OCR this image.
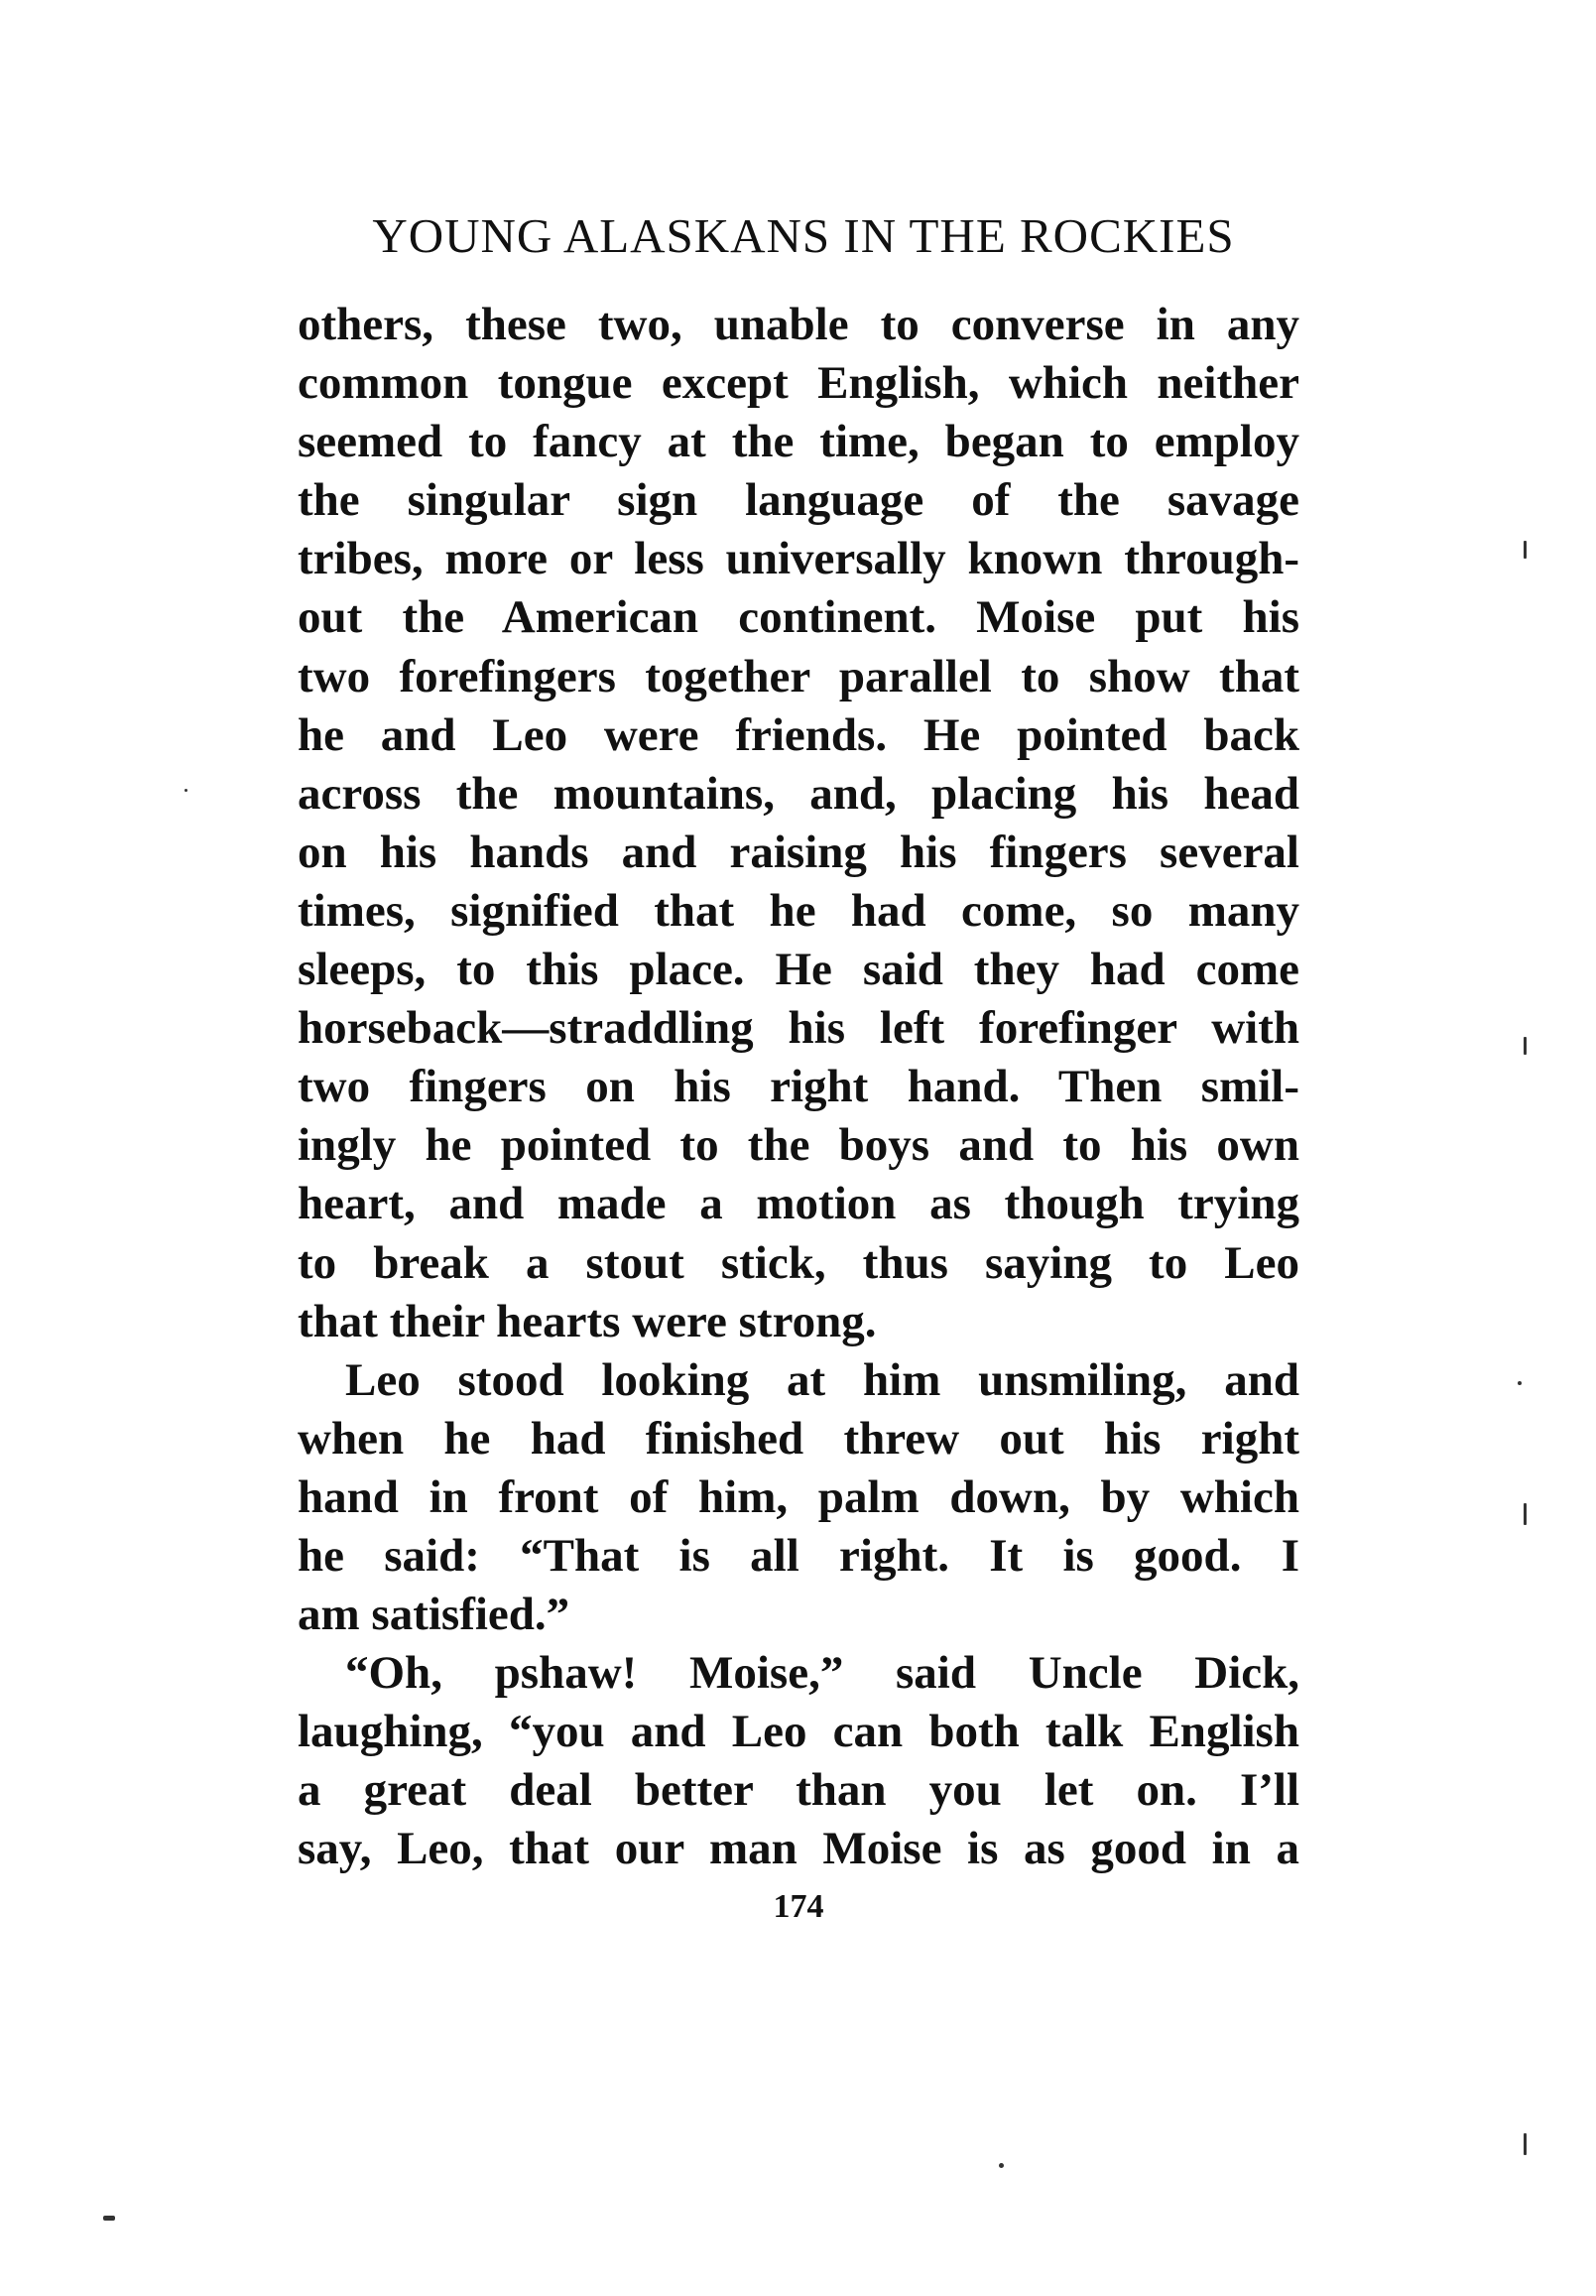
YOUNG ALASKANS IN THE ROCKIES

others, these two, unable to converse in any
common tongue except English, which neither
seemed to fancy at the time, began to employ
the singular sign language of the savage
tribes, more or less universally known through-
out the American continent. Moise put his
two forefingers together parallel to show that
he and Leo were friends. He pointed back
across the mountains, and, placing his head
on his hands and raising his fingers several
times, signified that he had come, so many
sleeps, to this place. He said they had come
horseback—straddling his left forefinger with
two fingers on his right hand. Then smil-
ingly he pointed to the boys and to his own
heart, and made a motion as though trying
to break a stout stick, thus saying to Leo
that their hearts were strong.

Leo stood looking at him unsmiling, and
when he had finished threw out his right
hand in front of him, palm down, by which
he said: “That is all right. It is good. I
am satisfied.”

“Oh, pshaw! Moise,” said Uncle Dick,
laughing, “you and Leo can both talk English
a great deal better than you let on. I’ll
say, Leo, that our man Moise is as good in a

174
